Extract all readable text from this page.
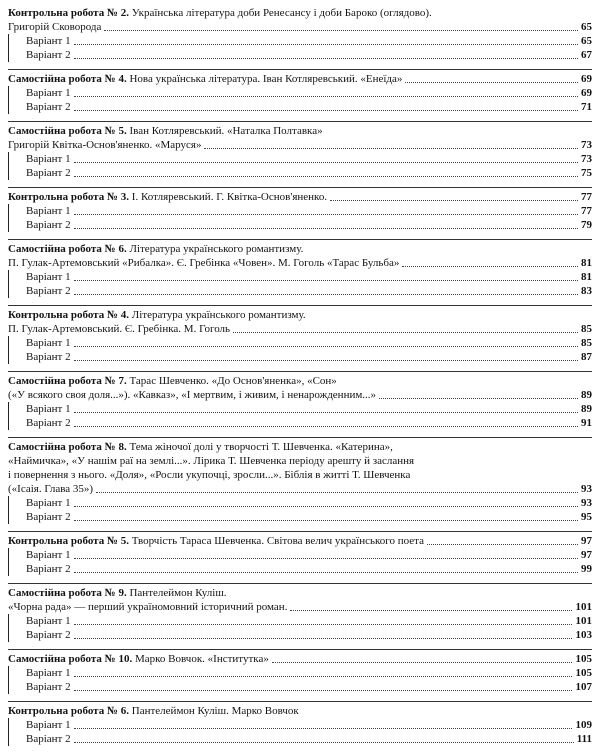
Контрольна робота № 2. Українська література доби Ренесансу і доби Бароко (оглядово).
Григорій Сковорода	65
Варіант 1	65
Варіант 2	67
Самостійна робота № 4. Нова українська література. Іван Котляревський. «Енеїда»	69
Варіант 1	69
Варіант 2	71
Самостійна робота № 5. Іван Котляревський. «Наталка Полтавка»
Григорій Квітка-Основ'яненко. «Маруся»	73
Варіант 1	73
Варіант 2	75
Контрольна робота № 3. І. Котляревський. Г. Квітка-Основ'яненко.	77
Варіант 1	77
Варіант 2	79
Самостійна робота № 6. Література українського романтизму.
П. Гулак-Артемовський «Рибалка». Є. Гребінка «Човен». М. Гоголь «Тарас Бульба»	81
Варіант 1	81
Варіант 2	83
Контрольна робота № 4. Література українського романтизму.
П. Гулак-Артемовський. Є. Гребінка. М. Гоголь	85
Варіант 1	85
Варіант 2	87
Самостійна робота № 7. Тарас Шевченко. «До Основ'яненка», «Сон»
(«У всякого своя доля...»). «Кавказ», «І мертвим, і живим, і ненарожденним...»	89
Варіант 1	89
Варіант 2	91
Самостійна робота № 8. Тема жіночої долі у творчості Т. Шевченка. «Катерина»,
«Наймичка», «У нашім раї на землі...». Лірика Т. Шевченка періоду арешту й заслання
і повернення з нього. «Доля», «Росли укупочці, зросли...». Біблія в житті Т. Шевченка
(«Ісаія. Глава 35»)	93
Варіант 1	93
Варіант 2	95
Контрольна робота № 5. Творчість Тараса Шевченка. Світова велич українського поета	97
Варіант 1	97
Варіант 2	99
Самостійна робота № 9. Пантелеймон Куліш.
«Чорна рада» — перший україномовний історичний роман.	101
Варіант 1	101
Варіант 2	103
Самостійна робота № 10. Марко Вовчок. «Інститутка»	105
Варіант 1	105
Варіант 2	107
Контрольна робота № 6. Пантелеймон Куліш. Марко Вовчок
Варіант 1	109
Варіант 2	111
